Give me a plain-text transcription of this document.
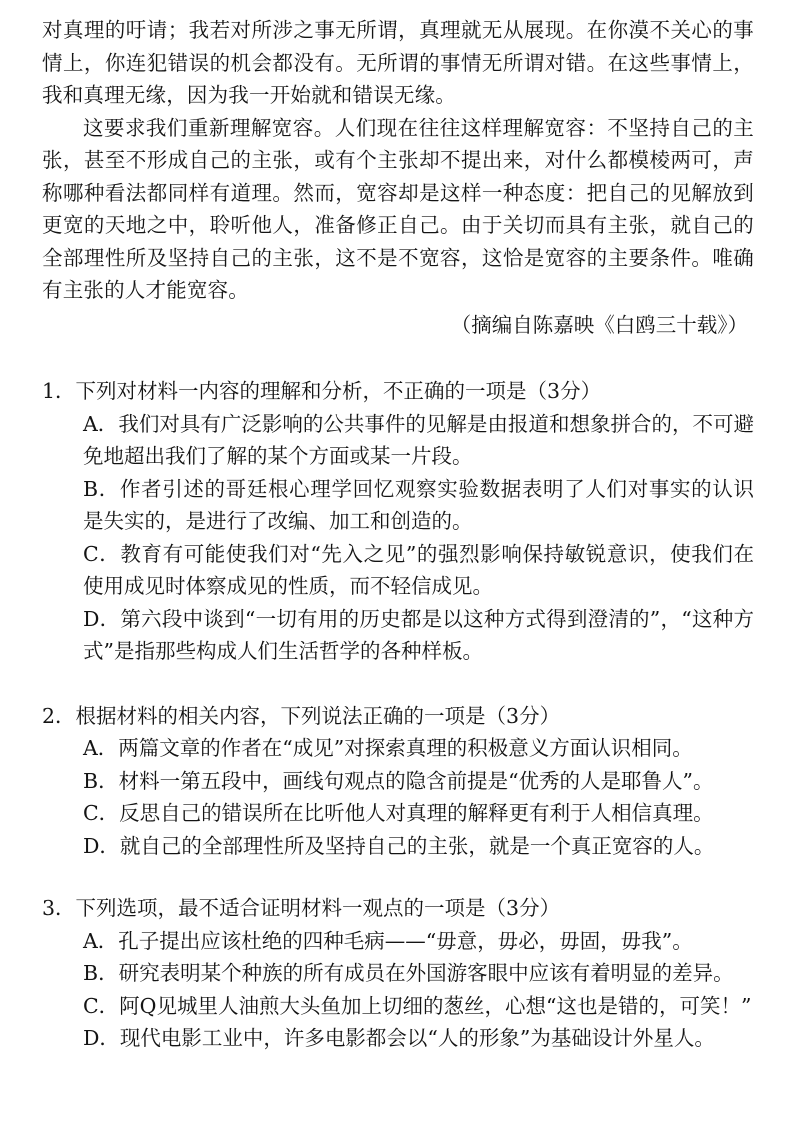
对真理的吁请；我若对所涉之事无所谓，真理就无从展现。在你漠不关心的事情上，你连犯错误的机会都没有。无所谓的事情无所谓对错。在这些事情上，我和真理无缘，因为我一开始就和错误无缘。

这要求我们重新理解宽容。人们现在往往这样理解宽容：不坚持自己的主张，甚至不形成自己的主张，或有个主张却不提出来，对什么都模棱两可，声称哪种看法都同样有道理。然而，宽容却是这样一种态度：把自己的见解放到更宽的天地之中，聆听他人，准备修正自己。由于关切而具有主张，就自己的全部理性所及坚持自己的主张，这不是不宽容，这恰是宽容的主要条件。唯确有主张的人才能宽容。

（摘编自陈嘉映《白鸥三十载》）

1．下列对材料一内容的理解和分析，不正确的一项是（3分）

A．我们对具有广泛影响的公共事件的见解是由报道和想象拼合的，不可避免地超出我们了解的某个方面或某一片段。

B．作者引述的哥廷根心理学回忆观察实验数据表明了人们对事实的认识是失实的，是进行了改编、加工和创造的。

C．教育有可能使我们对“先入之见”的强烈影响保持敏锐意识，使我们在使用成见时体察成见的性质，而不轻信成见。

D．第六段中谈到“一切有用的历史都是以这种方式得到澄清的”，“这种方式”是指那些构成人们生活哲学的各种样板。

2．根据材料的相关内容，下列说法正确的一项是（3分）

A．两篇文章的作者在“成见”对探索真理的积极意义方面认识相同。

B．材料一第五段中，画线句观点的隐含前提是“优秀的人是耶鲁人”。

C．反思自己的错误所在比听他人对真理的解释更有利于人相信真理。

D．就自己的全部理性所及坚持自己的主张，就是一个真正宽容的人。

3．下列选项，最不适合证明材料一观点的一项是（3分）

A．孔子提出应该杜绝的四种毛病——“毋意，毋必，毋固，毋我”。

B．研究表明某个种族的所有成员在外国游客眼中应该有着明显的差异。

C．阿Q见城里人油煎大头鱼加上切细的葱丝，心想“这也是错的，可笑！”

D．现代电影工业中，许多电影都会以“人的形象”为基础设计外星人。
